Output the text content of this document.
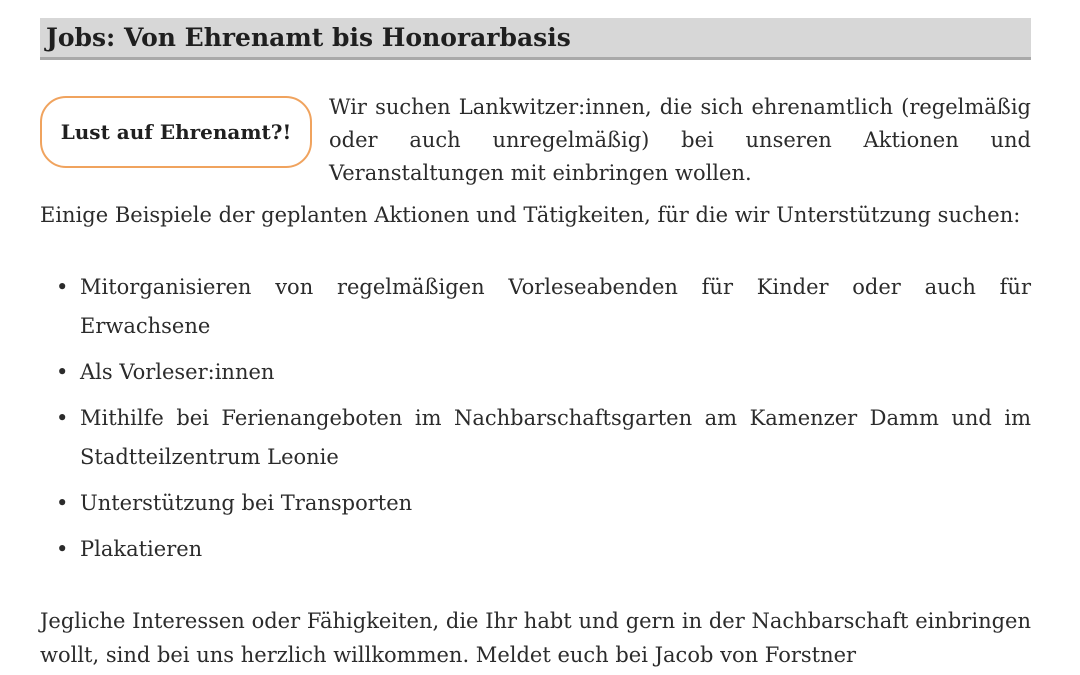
Jobs: Von Ehrenamt bis Honorarbasis
Lust auf Ehrenamt?!

Wir suchen Lankwitzer:innen, die sich ehrenamtlich (regelmäßig oder auch unregelmäßig) bei unseren Aktionen und Veranstaltungen mit einbringen wollen.

Einige Beispiele der geplanten Aktionen und Tätigkeiten, für die wir Unterstützung suchen:

• Mitorganisieren von regelmäßigen Vorleseabenden für Kinder oder auch für Erwachsene
• Als Vorleser:innen
• Mithilfe bei Ferienangeboten im Nachbarschaftsgarten am Kamenzer Damm und im Stadtteilzentrum Leonie
• Unterstützung bei Transporten
• Plakatieren

Jegliche Interessen oder Fähigkeiten, die Ihr habt und gern in der Nachbarschaft einbringen wollt, sind bei uns herzlich willkommen. Meldet euch bei Jacob von Forstner
